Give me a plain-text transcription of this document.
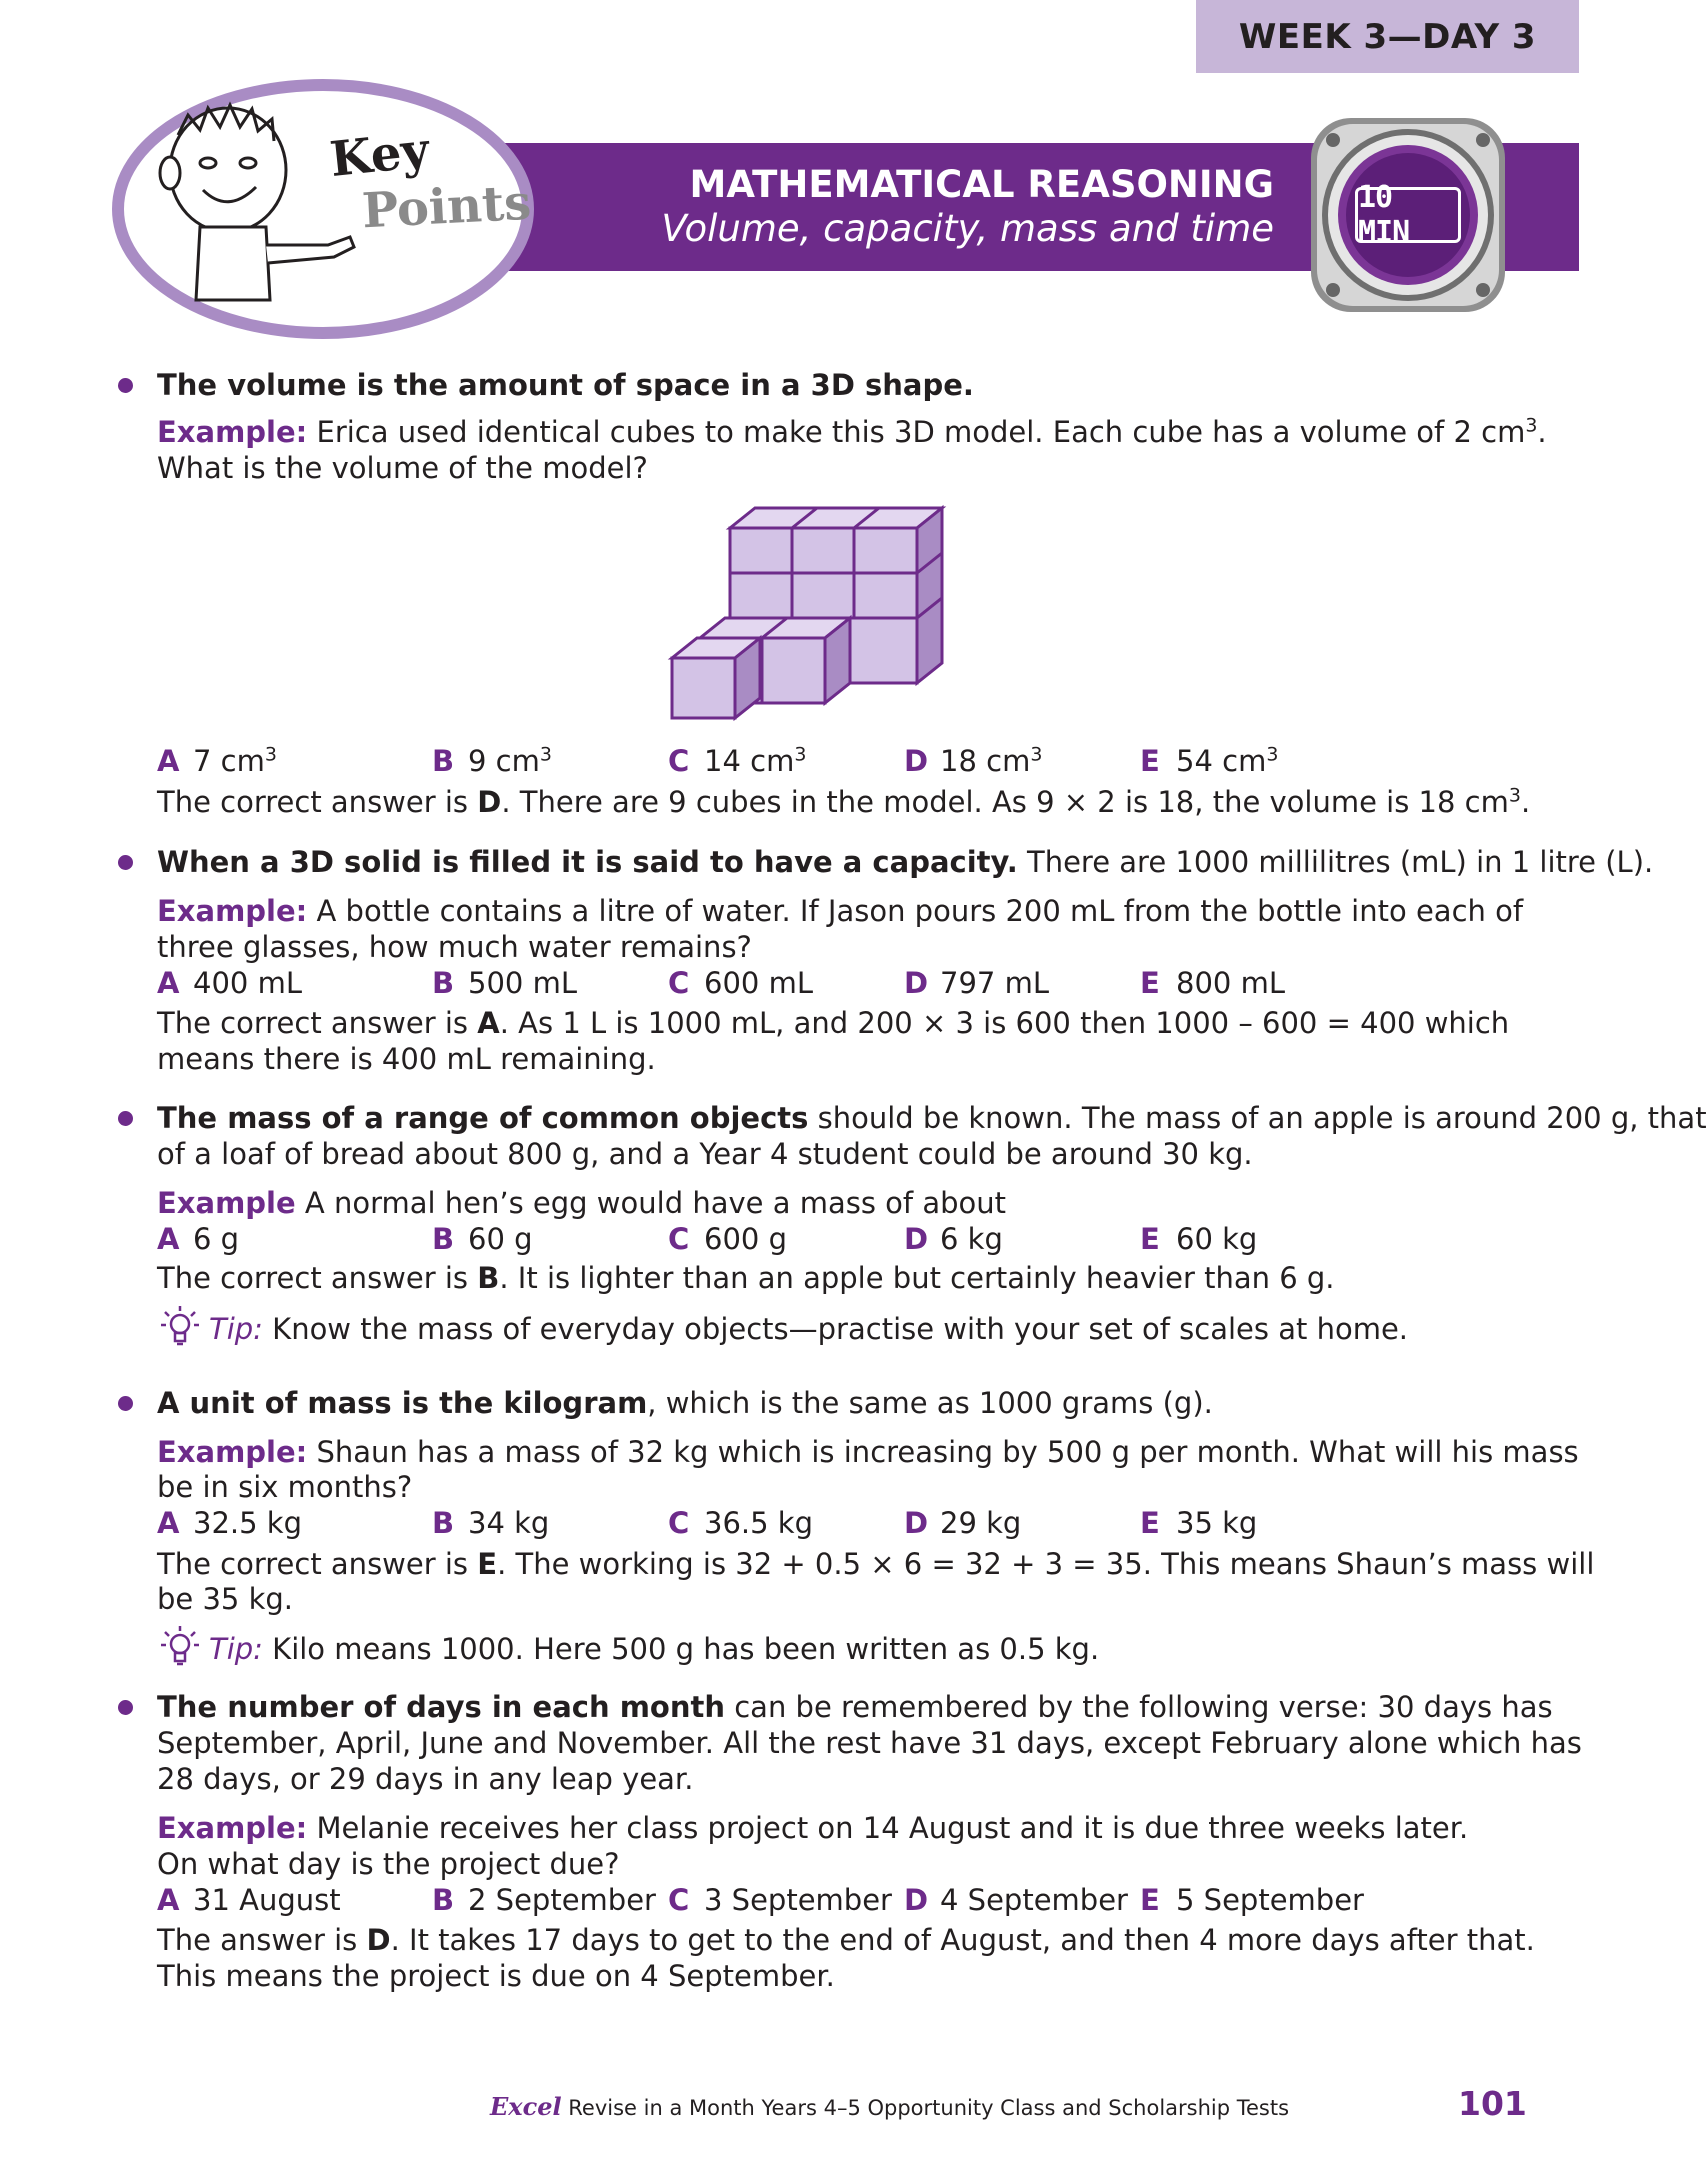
WEEK 3—DAY 3
MATHEMATICAL REASONING
Volume, capacity, mass and time
10 MIN
Key
Points
The volume is the amount of space in a 3D shape.
Example: Erica used identical cubes to make this 3D model. Each cube has a volume of 2 $cm^3$.
What is the volume of the model?
A 7 $cm^3$	B 9 $cm^3$	C 14 $cm^3$	D 18 $cm^3$	E 54 $cm^3$
The correct answer is D. There are 9 cubes in the model. As 9 × 2 is 18, the volume is 18 $cm^3$.
When a 3D solid is filled it is said to have a capacity. There are 1000 millilitres (mL) in 1 litre (L).
Example: A bottle contains a litre of water. If Jason pours 200 mL from the bottle into each of
three glasses, how much water remains?
A 400 mL	B 500 mL	C 600 mL	D 797 mL	E 800 mL
The correct answer is A. As 1 L is 1000 mL, and 200 × 3 is 600 then 1000 – 600 = 400 which
means there is 400 mL remaining.
The mass of a range of common objects should be known. The mass of an apple is around 200 g, that
of a loaf of bread about 800 g, and a Year 4 student could be around 30 kg.
Example A normal hen’s egg would have a mass of about
A 6 g	B 60 g	C 600 g	D 6 kg	E 60 kg
The correct answer is B. It is lighter than an apple but certainly heavier than 6 g.
Tip: Know the mass of everyday objects—practise with your set of scales at home.
A unit of mass is the kilogram, which is the same as 1000 grams (g).
Example: Shaun has a mass of 32 kg which is increasing by 500 g per month. What will his mass
be in six months?
A 32.5 kg	B 34 kg	C 36.5 kg	D 29 kg	E 35 kg
The correct answer is E. The working is 32 + 0.5 × 6 = 32 + 3 = 35. This means Shaun’s mass will
be 35 kg.
Tip: Kilo means 1000. Here 500 g has been written as 0.5 kg.
The number of days in each month can be remembered by the following verse: 30 days has
September, April, June and November. All the rest have 31 days, except February alone which has
28 days, or 29 days in any leap year.
Example: Melanie receives her class project on 14 August and it is due three weeks later.
On what day is the project due?
A 31 August	B 2 September C 3 September D 4 September E 5 September
The answer is D. It takes 17 days to get to the end of August, and then 4 more days after that.
This means the project is due on 4 September.
Excel Revise in a Month Years 4–5 Opportunity Class and Scholarship Tests	101
